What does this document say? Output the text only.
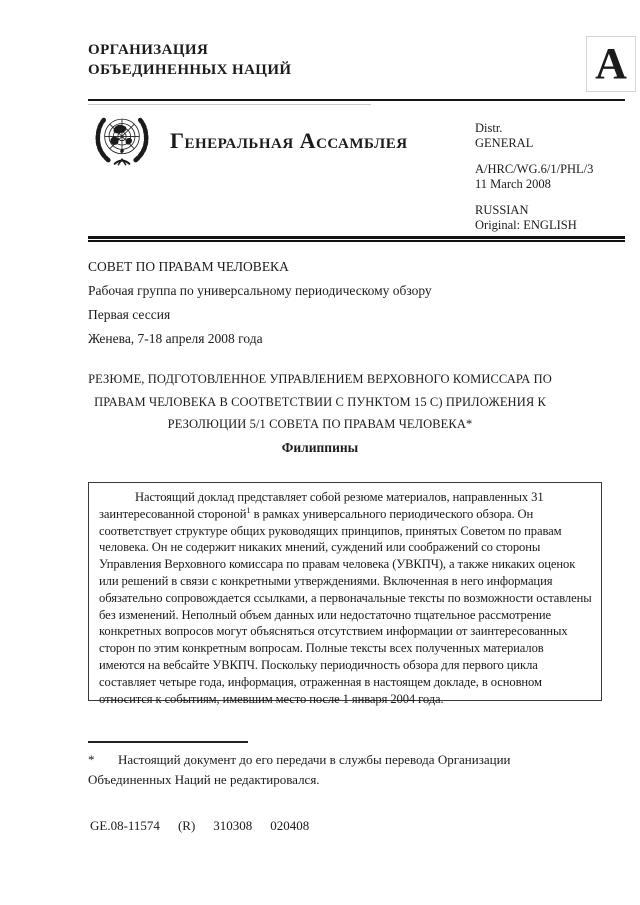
ОРГАНИЗАЦИЯ
ОБЪЕДИНЕННЫХ НАЦИЙ	A
Генеральная Ассамблея	Distr.

GENERAL

A/HRC/WG.6/1/PHL/3

11 March 2008

RUSSIAN

Original: ENGLISH

СОВЕТ ПО ПРАВАМ ЧЕЛОВЕКА
Рабочая группа по универсальному периодическому обзору
Первая сессия
Женева, 7-18 апреля 2008 года
РЕЗЮМЕ, ПОДГОТОВЛЕННОЕ УПРАВЛЕНИЕМ ВЕРХОВНОГО КОМИССАРА ПО
ПРАВАМ ЧЕЛОВЕКА В СООТВЕТСТВИИ С ПУНКТОМ 15 С) ПРИЛОЖЕНИЯ К
РЕЗОЛЮЦИИ 5/1 СОВЕТА ПО ПРАВАМ ЧЕЛОВЕКА*
Филиппины

Настоящий доклад представляет собой резюме материалов, направленных 31 заинтересованной стороной$^1$ в рамках универсального периодического обзора. Он соответствует структуре общих руководящих принципов, принятых Советом по правам человека. Он не содержит никаких мнений, суждений или соображений со стороны Управления Верховного комиссара по правам человека (УВКПЧ), а также никаких оценок или решений в связи с конкретными утверждениями. Включенная в него информация обязательно сопровождается ссылками, а первоначальные тексты по возможности оставлены без изменений. Неполный объем данных или недостаточно тщательное рассмотрение конкретных вопросов могут объясняться отсутствием информации от заинтересованных сторон по этим конкретным вопросам. Полные тексты всех полученных материалов имеются на вебсайте УВКПЧ. Поскольку периодичность обзора для первого цикла составляет четыре года, информация, отраженная в настоящем докладе, в основном относится к событиям, имевшим место после 1 января 2004 года.

* Настоящий документ до его передачи в службы перевода Организации Объединенных Наций не редактировался.
GE.08-11574 (R) 310308 020408
